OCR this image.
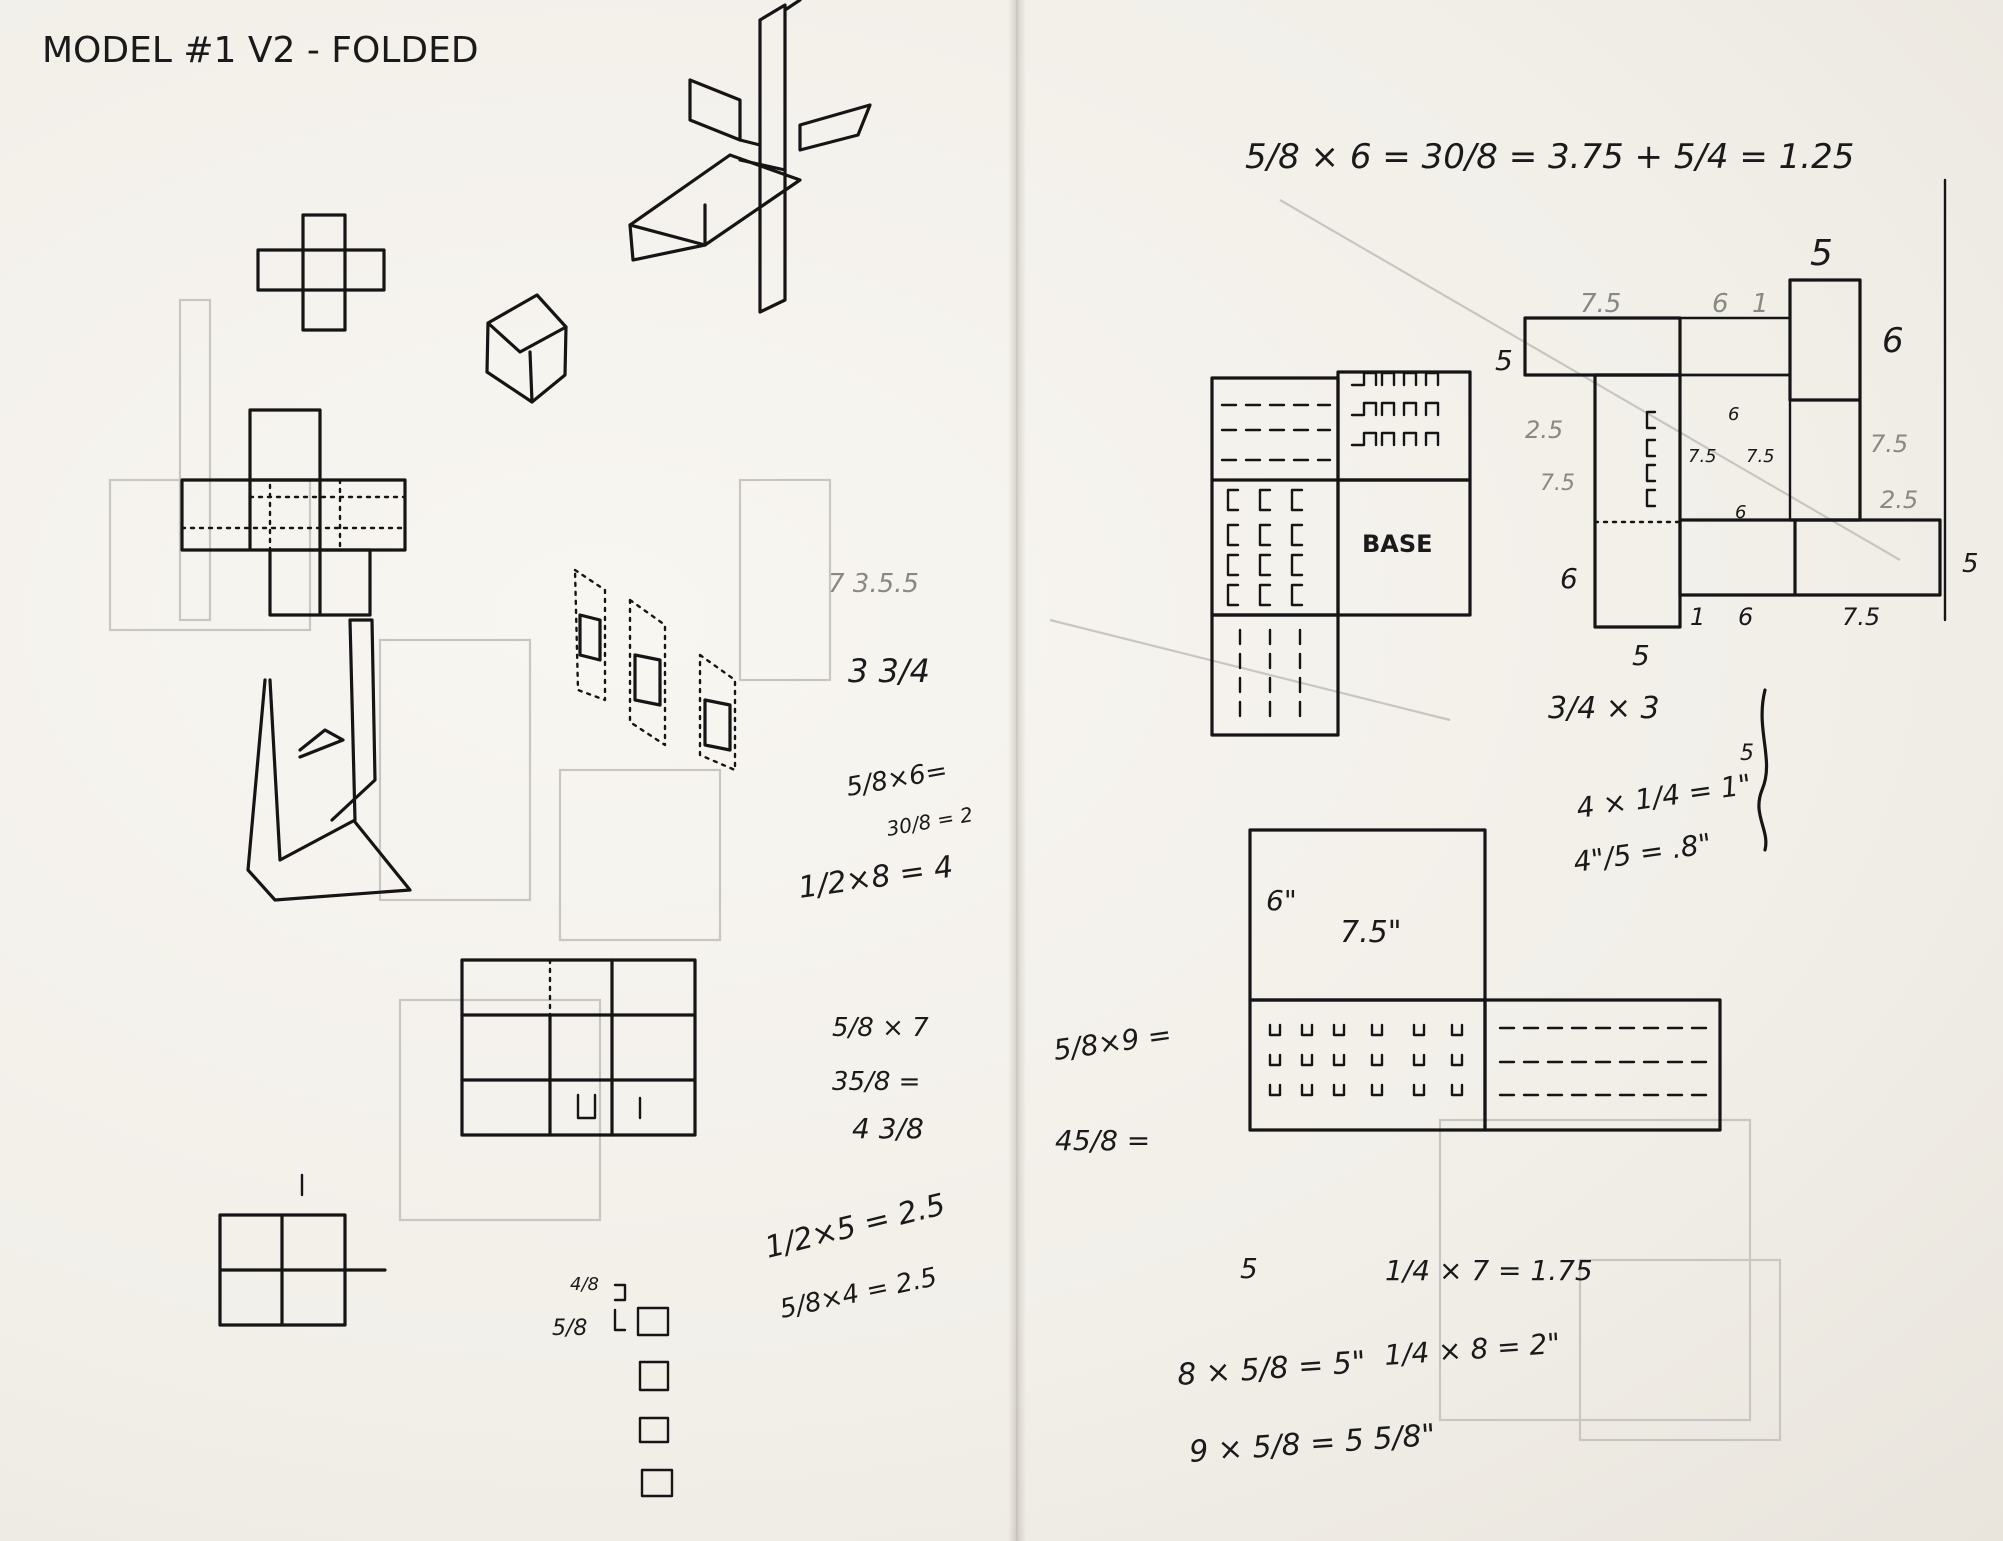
MODEL #1 V2 - FOLDED
7 3.5.5
3 3/4
5/8×6=
30/8 = 2
1/2×8 = 4
5/8 × 7
35/8 =
4 3/8
1/2×5 = 2.5
5/8×4 = 2.5
4/8
5/8
5/8 × 6 = 30/8 = 3.75 + 5/4 = 1.25
BASE
7.5	6 1
5
5	6
2.5
7.5
7.5 7.5
6
7.5
6	2.5
5
6
1 6	7.5
5
3/4 × 3
4 × 1/4 = 1"
4"/5 = .8"
5
6"
7.5"
5/8×9 =
45/8 =
5	1/4 × 7 = 1.75
8 × 5/8 = 5" 1/4 × 8 = 2"
9 × 5/8 = 5 5/8"
